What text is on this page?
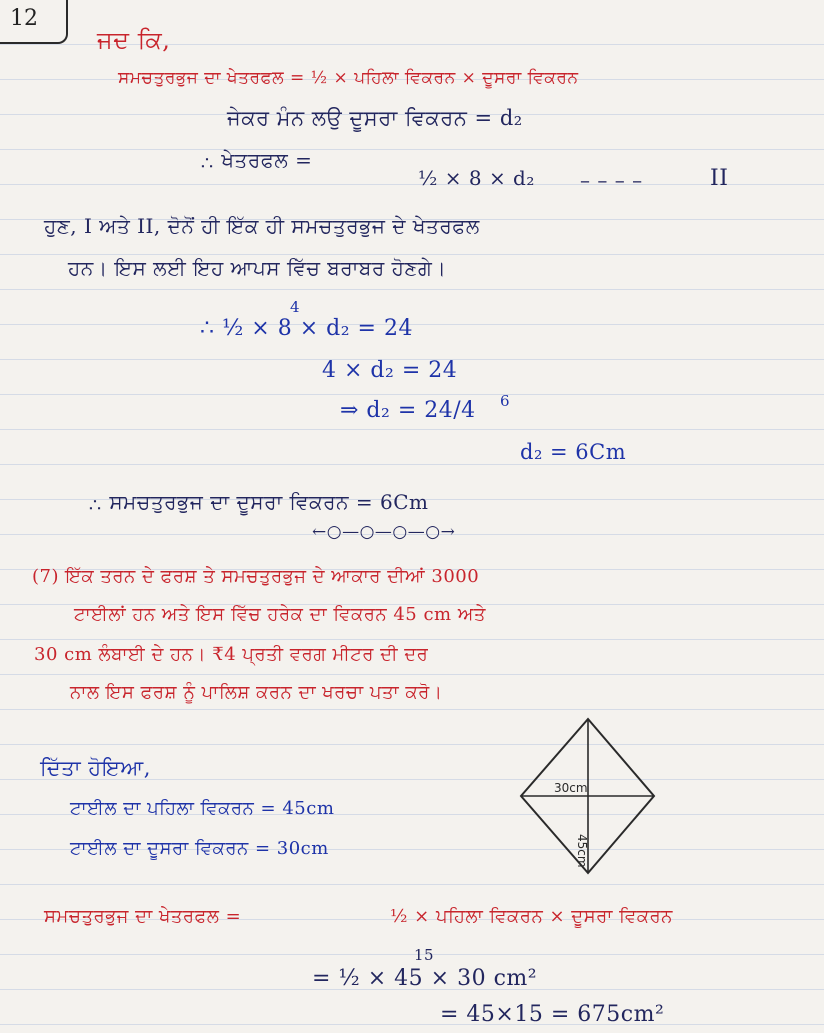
12
ਜਦ ਕਿ,
ਸਮਚਤੁਰਭੁਜ ਦਾ ਖੇਤਰਫਲ = ½ × ਪਹਿਲਾ ਵਿਕਰਨ × ਦੂਸਰਾ ਵਿਕਰਨ
ਜੇਕਰ ਮੰਨ ਲਉ ਦੂਸਰਾ ਵਿਕਰਨ = d₂
∴ ਖੇਤਰਫਲ =
½ × 8 × d₂ – – – –	II
ਹੁਣ, I ਅਤੇ II, ਦੋਨੋਂ ਹੀ ਇੱਕ ਹੀ ਸਮਚਤੁਰਭੁਜ ਦੇ ਖੇਤਰਫਲ
ਹਨ। ਇਸ ਲਈ ਇਹ ਆਪਸ ਵਿੱਚ ਬਰਾਬਰ ਹੋਣਗੇ।
4
∴ ½ × 8 × d₂ = 24
4 × d₂ = 24
6
⇒ d₂ = 24/4
d₂ = 6Cm
∴ ਸਮਚਤੁਰਭੁਜ ਦਾ ਦੂਸਰਾ ਵਿਕਰਨ = 6Cm
←○—○—○—○→
(7) ਇੱਕ ਤਰਨ ਦੇ ਫਰਸ਼ ਤੇ ਸਮਚਤੁਰਭੁਜ ਦੇ ਆਕਾਰ ਦੀਆਂ 3000
ਟਾਈਲਾਂ ਹਨ ਅਤੇ ਇਸ ਵਿੱਚ ਹਰੇਕ ਦਾ ਵਿਕਰਨ 45 cm ਅਤੇ
30 cm ਲੰਬਾਈ ਦੇ ਹਨ। ₹4 ਪ੍ਰਤੀ ਵਰਗ ਮੀਟਰ ਦੀ ਦਰ
ਨਾਲ ਇਸ ਫਰਸ਼ ਨੂੰ ਪਾਲਿਸ਼ ਕਰਨ ਦਾ ਖਰਚਾ ਪਤਾ ਕਰੋ।
ਦਿੱਤਾ ਹੋਇਆ,
ਟਾਈਲ ਦਾ ਪਹਿਲਾ ਵਿਕਰਨ = 45cm
ਟਾਈਲ ਦਾ ਦੂਸਰਾ ਵਿਕਰਨ = 30cm
30cm
45cm
ਸਮਚਤੁਰਭੁਜ ਦਾ ਖੇਤਰਫਲ =	½ × ਪਹਿਲਾ ਵਿਕਰਨ × ਦੂਸਰਾ ਵਿਕਰਨ
15
= ½ × 45 × 30 cm²
= 45×15 = 675cm²
